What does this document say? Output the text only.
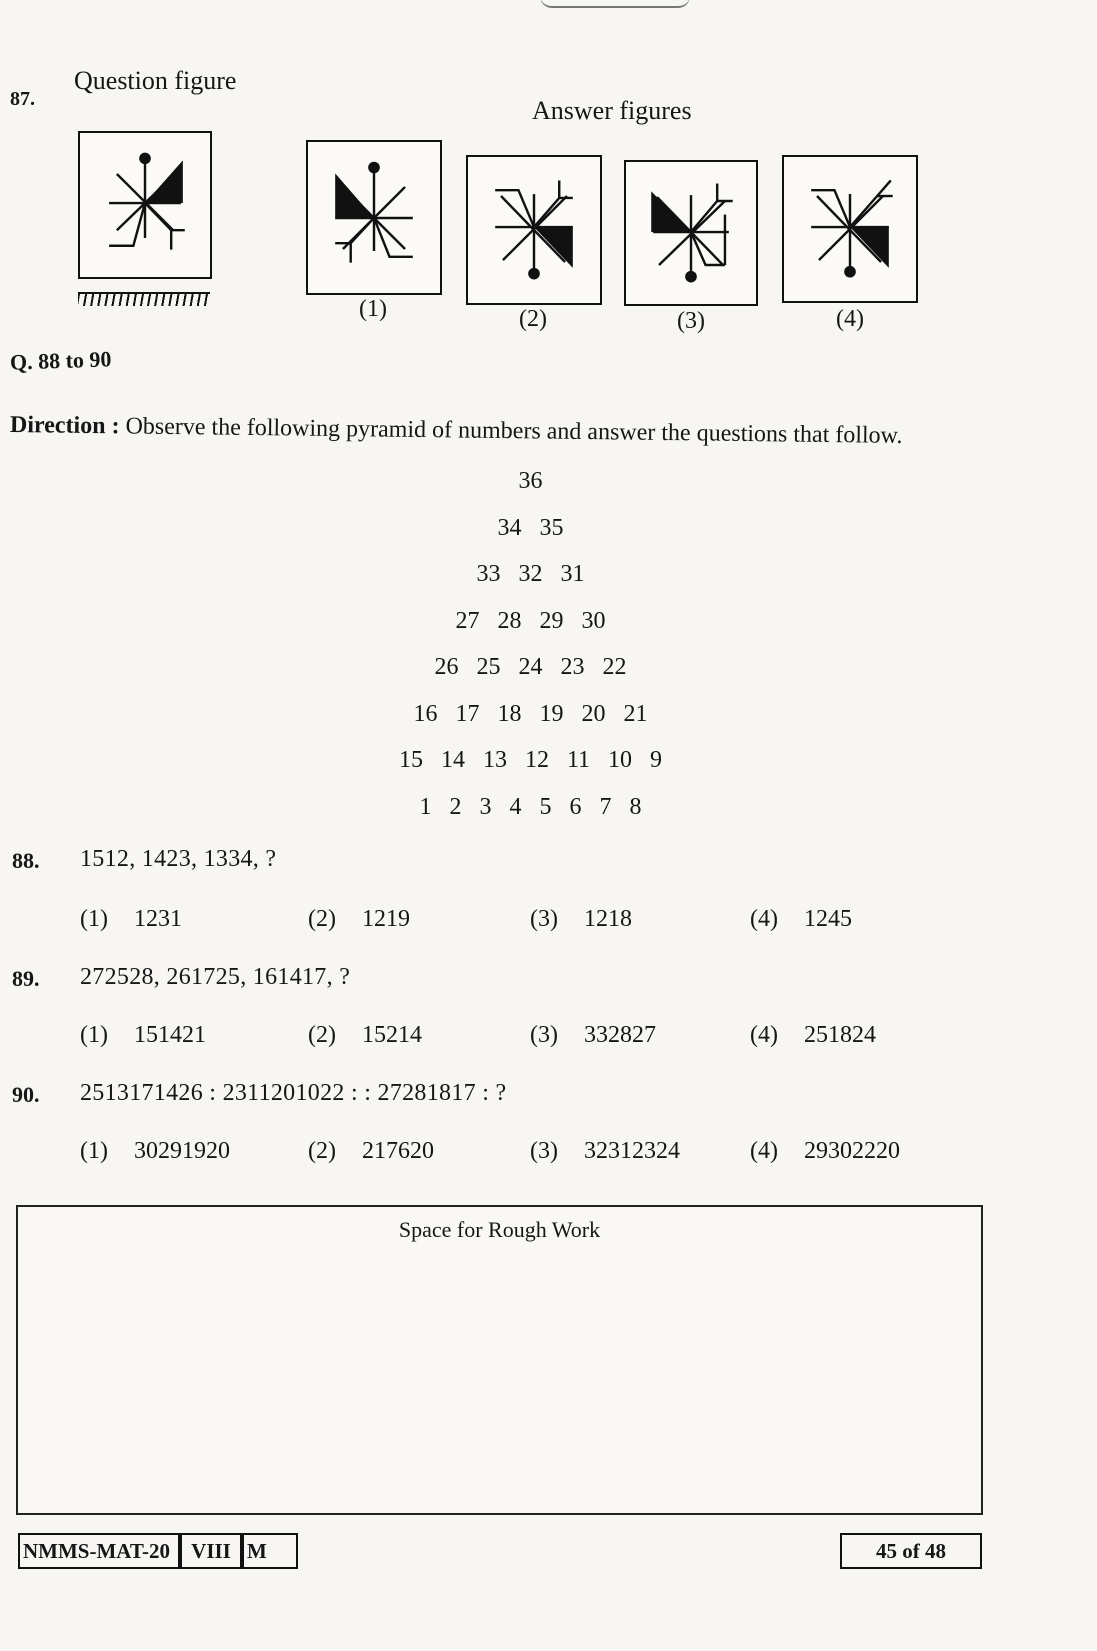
87.
Question figure
Answer figures
(1)	(2)	(3)	(4)
Q. 88 to 90
Direction : Observe the following pyramid of numbers and answer the questions that follow.
36
34 35
33 32 31
27 28 29 30
26 25 24 23 22
16 17 18 19 20 21
15 14 13 12 11 10 9
1 2 3 4 5 6 7 8
88. 1512, 1423, 1334, ?
(1) 1231	(2) 1219	(3) 1218	(4) 1245
89. 272528, 261725, 161417, ?
(1) 151421	(2) 15214	(3) 332827	(4) 251824
90. 2513171426 : 2311201022 : : 27281817 : ?
(1) 30291920	(2) 217620	(3) 32312324	(4) 29302220
Space for Rough Work
NMMS-MAT-20	VIII M	45 of 48
